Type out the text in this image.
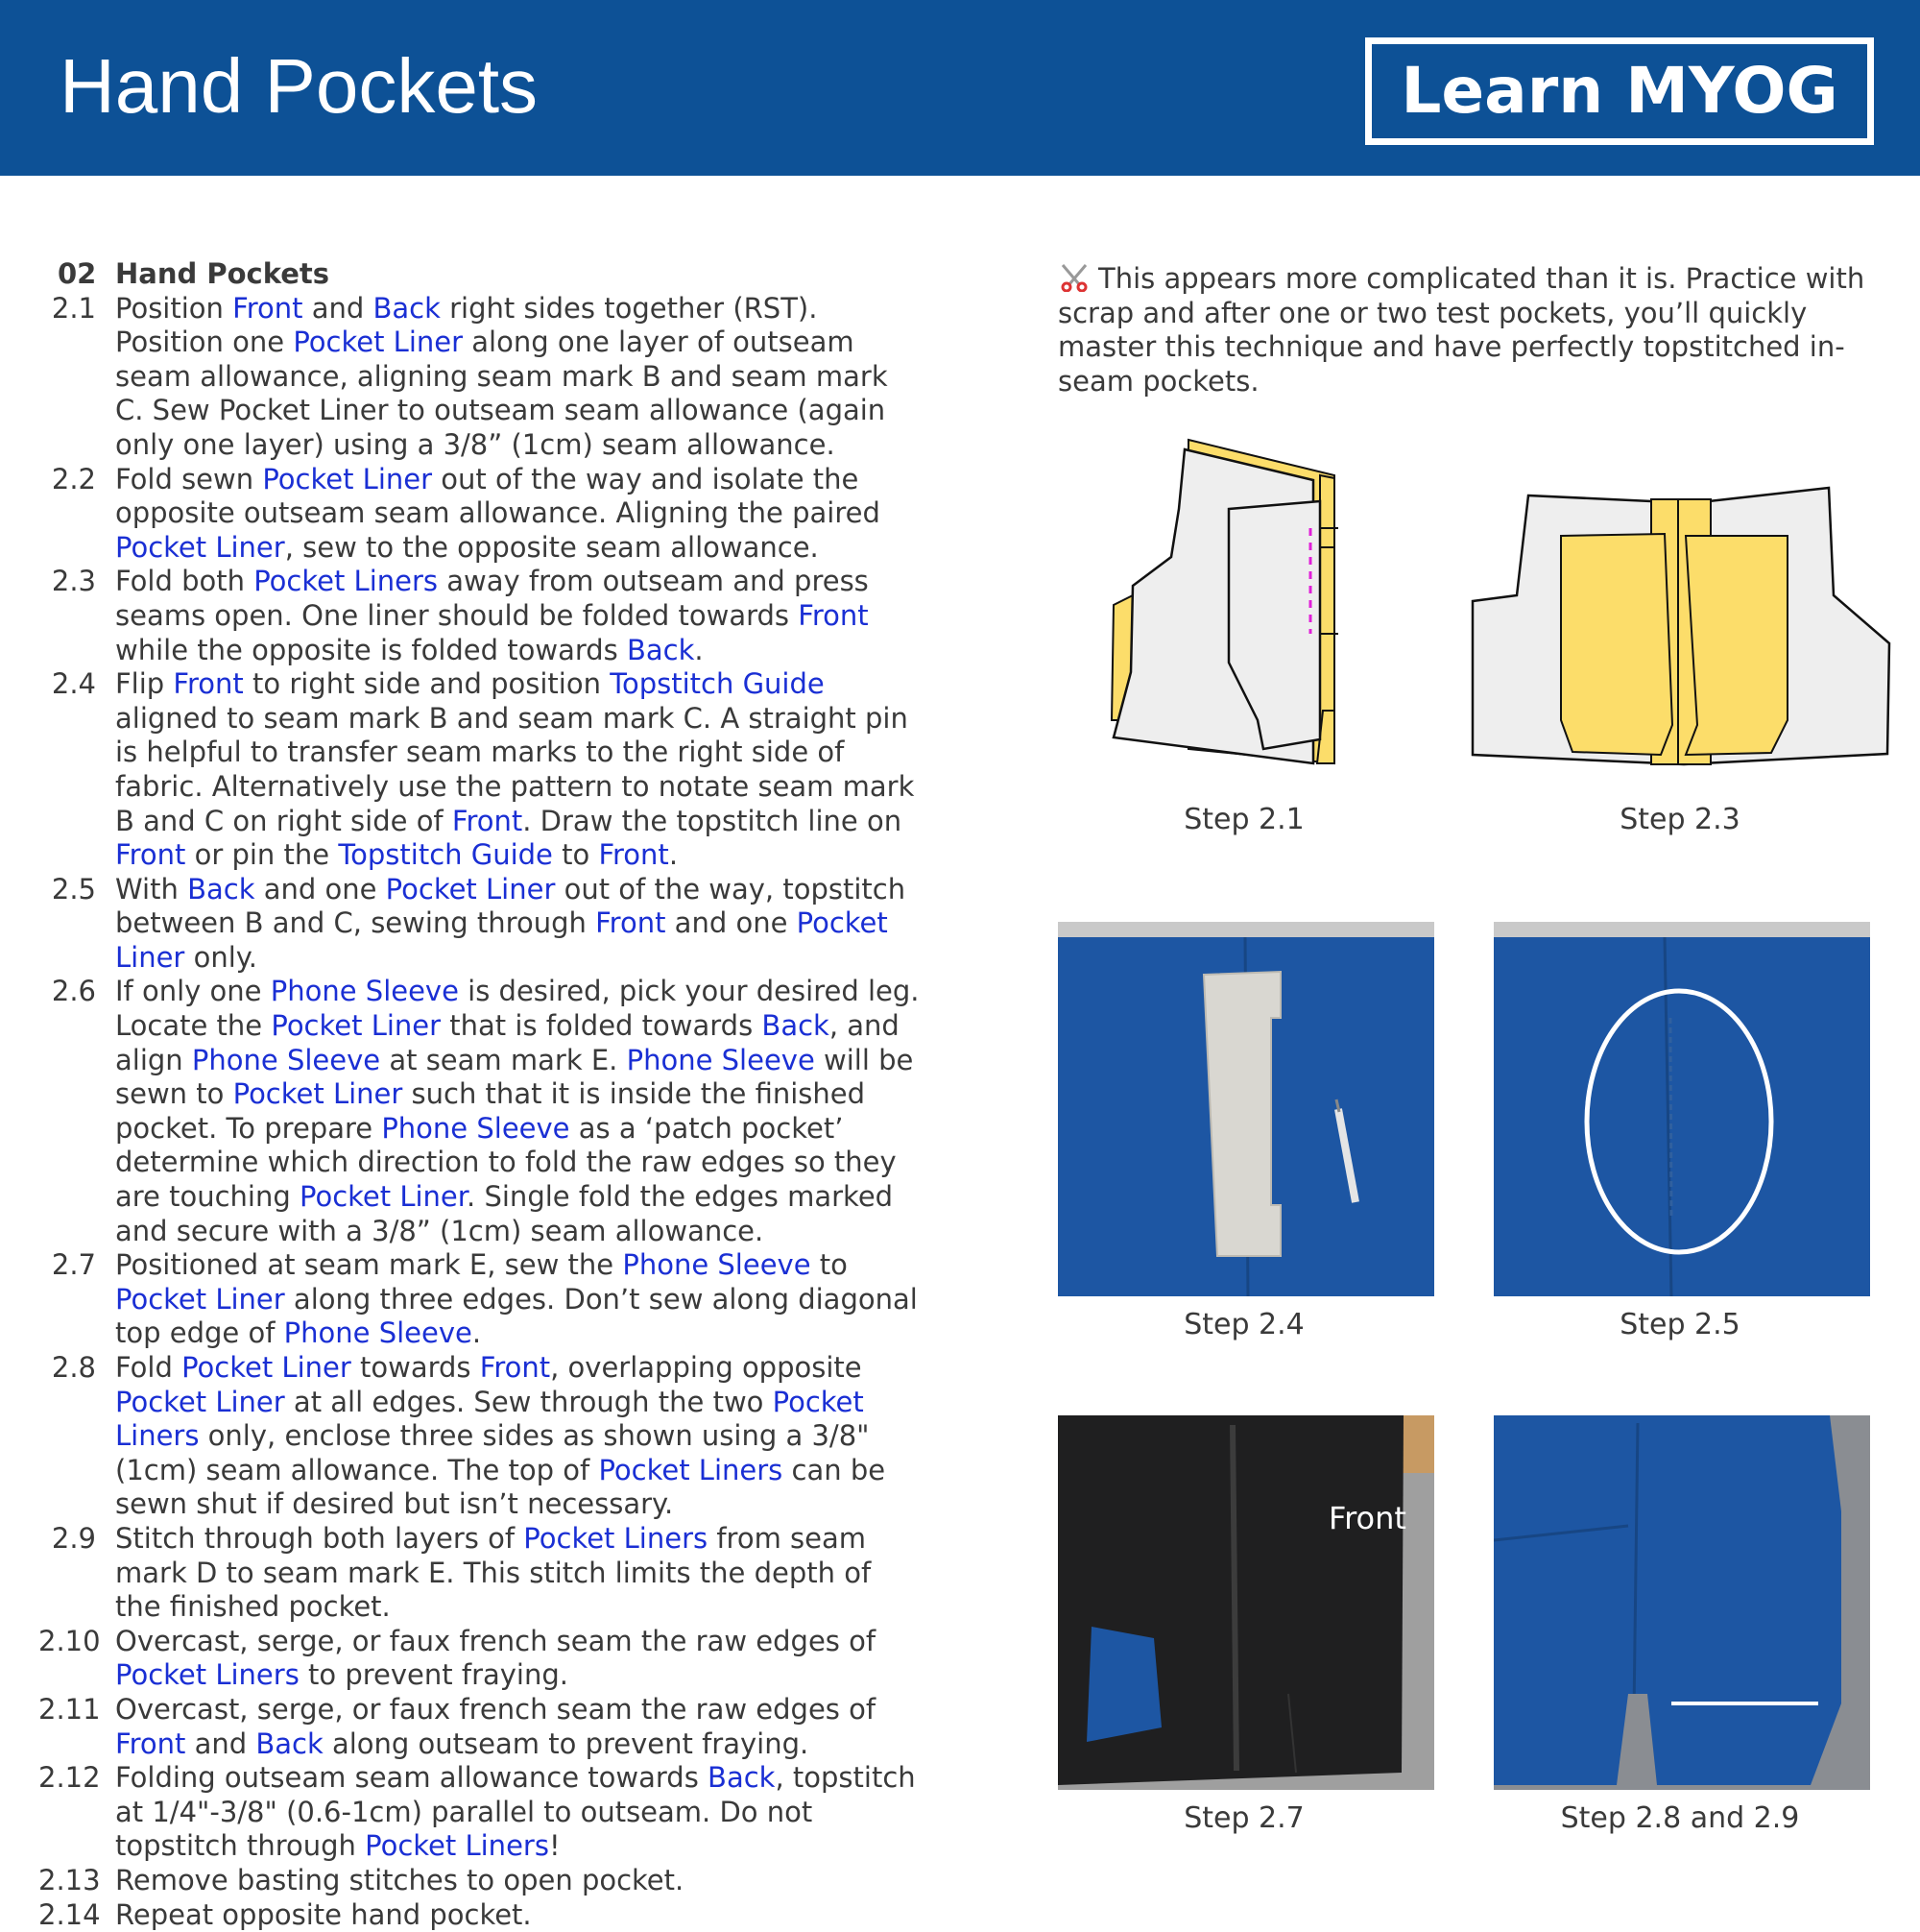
Hand Pockets	Learn MYOG
02 Hand Pockets
2.1 Position Front and Back right sides together (RST). Position one Pocket Liner along one layer of outseam seam allowance, aligning seam mark B and seam mark C. Sew Pocket Liner to outseam seam allowance (again only one layer) using a 3/8” (1cm) seam allowance.
2.2 Fold sewn Pocket Liner out of the way and isolate the opposite outseam seam allowance. Aligning the paired Pocket Liner, sew to the opposite seam allowance.
2.3 Fold both Pocket Liners away from outseam and press seams open. One liner should be folded towards Front while the opposite is folded towards Back.
2.4 Flip Front to right side and position Topstitch Guide aligned to seam mark B and seam mark C. A straight pin is helpful to transfer seam marks to the right side of fabric. Alternatively use the pattern to notate seam mark B and C on right side of Front. Draw the topstitch line on Front or pin the Topstitch Guide to Front.
2.5 With Back and one Pocket Liner out of the way, topstitch between B and C, sewing through Front and one Pocket Liner only.
2.6 If only one Phone Sleeve is desired, pick your desired leg. Locate the Pocket Liner that is folded towards Back, and align Phone Sleeve at seam mark E. Phone Sleeve will be sewn to Pocket Liner such that it is inside the finished pocket. To prepare Phone Sleeve as a ‘patch pocket’ determine which direction to fold the raw edges so they are touching Pocket Liner. Single fold the edges marked and secure with a 3/8” (1cm) seam allowance.
2.7 Positioned at seam mark E, sew the Phone Sleeve to Pocket Liner along three edges. Don’t sew along diagonal top edge of Phone Sleeve.
2.8 Fold Pocket Liner towards Front, overlapping opposite Pocket Liner at all edges. Sew through the two Pocket Liners only, enclose three sides as shown using a 3/8" (1cm) seam allowance. The top of Pocket Liners can be sewn shut if desired but isn’t necessary.
2.9 Stitch through both layers of Pocket Liners from seam mark D to seam mark E. This stitch limits the depth of the finished pocket.
2.10 Overcast, serge, or faux french seam the raw edges of Pocket Liners to prevent fraying.
2.11 Overcast, serge, or faux french seam the raw edges of Front and Back along outseam to prevent fraying.
2.12 Folding outseam seam allowance towards Back, topstitch at 1/4"-3/8" (0.6-1cm) parallel to outseam. Do not topstitch through Pocket Liners!
2.13 Remove basting stitches to open pocket.
2.14 Repeat opposite hand pocket.
This appears more complicated than it is. Practice with scrap and after one or two test pockets, you’ll quickly master this technique and have perfectly topstitched in-seam pockets.
Step 2.1	Step 2.3
Step 2.4	Step 2.5
Front
Step 2.7	Step 2.8 and 2.9
